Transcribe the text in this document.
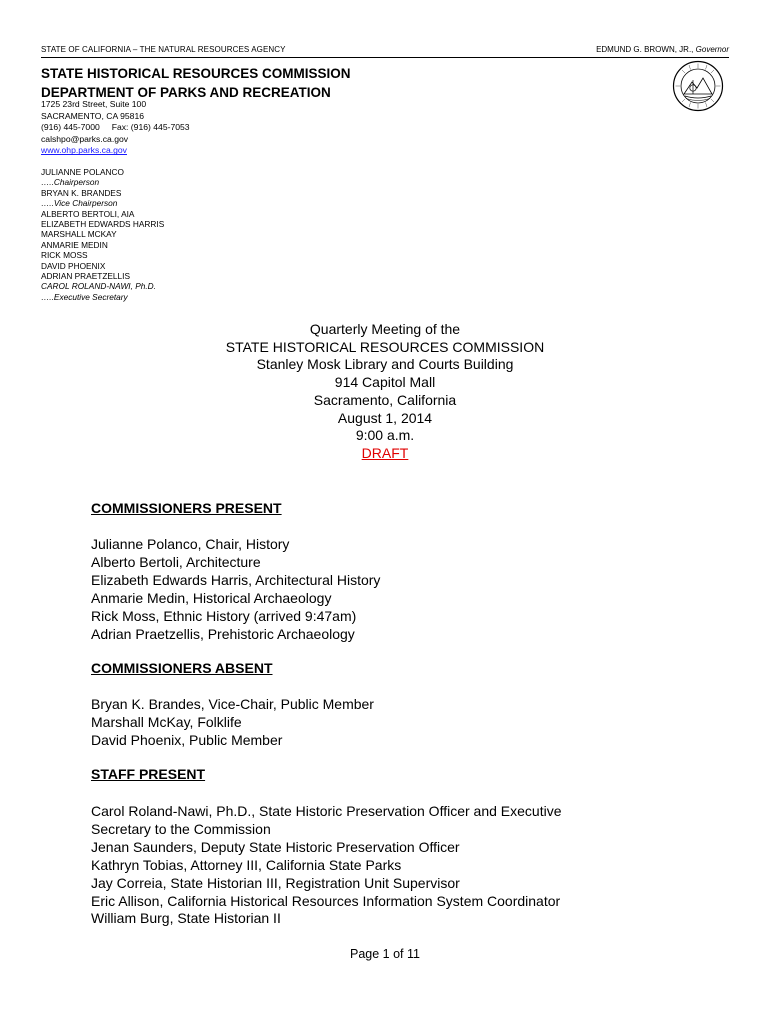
STATE OF CALIFORNIA – THE NATURAL RESOURCES AGENCY	EDMUND G. BROWN, JR., Governor
STATE HISTORICAL RESOURCES COMMISSION
DEPARTMENT OF PARKS AND RECREATION
1725 23rd Street, Suite 100
SACRAMENTO, CA 95816
(916) 445-7000     Fax: (916) 445-7053
calshpo@parks.ca.gov
www.ohp.parks.ca.gov
JULIANNE POLANCO
…..Chairperson
BRYAN K. BRANDES
…..Vice Chairperson
ALBERTO BERTOLI, AIA
ELIZABETH EDWARDS HARRIS
MARSHALL MCKAY
ANMARIE MEDIN
RICK MOSS
DAVID PHOENIX
ADRIAN PRAETZELLIS
CAROL ROLAND-NAWI, Ph.D.
…..Executive Secretary
Quarterly Meeting of the
STATE HISTORICAL RESOURCES COMMISSION
Stanley Mosk Library and Courts Building
914 Capitol Mall
Sacramento, California
August 1, 2014
9:00 a.m.
DRAFT
COMMISSIONERS PRESENT
Julianne Polanco, Chair, History
Alberto Bertoli, Architecture
Elizabeth Edwards Harris, Architectural History
Anmarie Medin, Historical Archaeology
Rick Moss, Ethnic History (arrived 9:47am)
Adrian Praetzellis, Prehistoric Archaeology
COMMISSIONERS ABSENT
Bryan K. Brandes, Vice-Chair, Public Member
Marshall McKay, Folklife
David Phoenix, Public Member
STAFF PRESENT
Carol Roland-Nawi, Ph.D., State Historic Preservation Officer and Executive
Secretary to the Commission
Jenan Saunders, Deputy State Historic Preservation Officer
Kathryn Tobias, Attorney III, California State Parks
Jay Correia, State Historian III, Registration Unit Supervisor
Eric Allison, California Historical Resources Information System Coordinator
William Burg, State Historian II
Page 1 of 11
